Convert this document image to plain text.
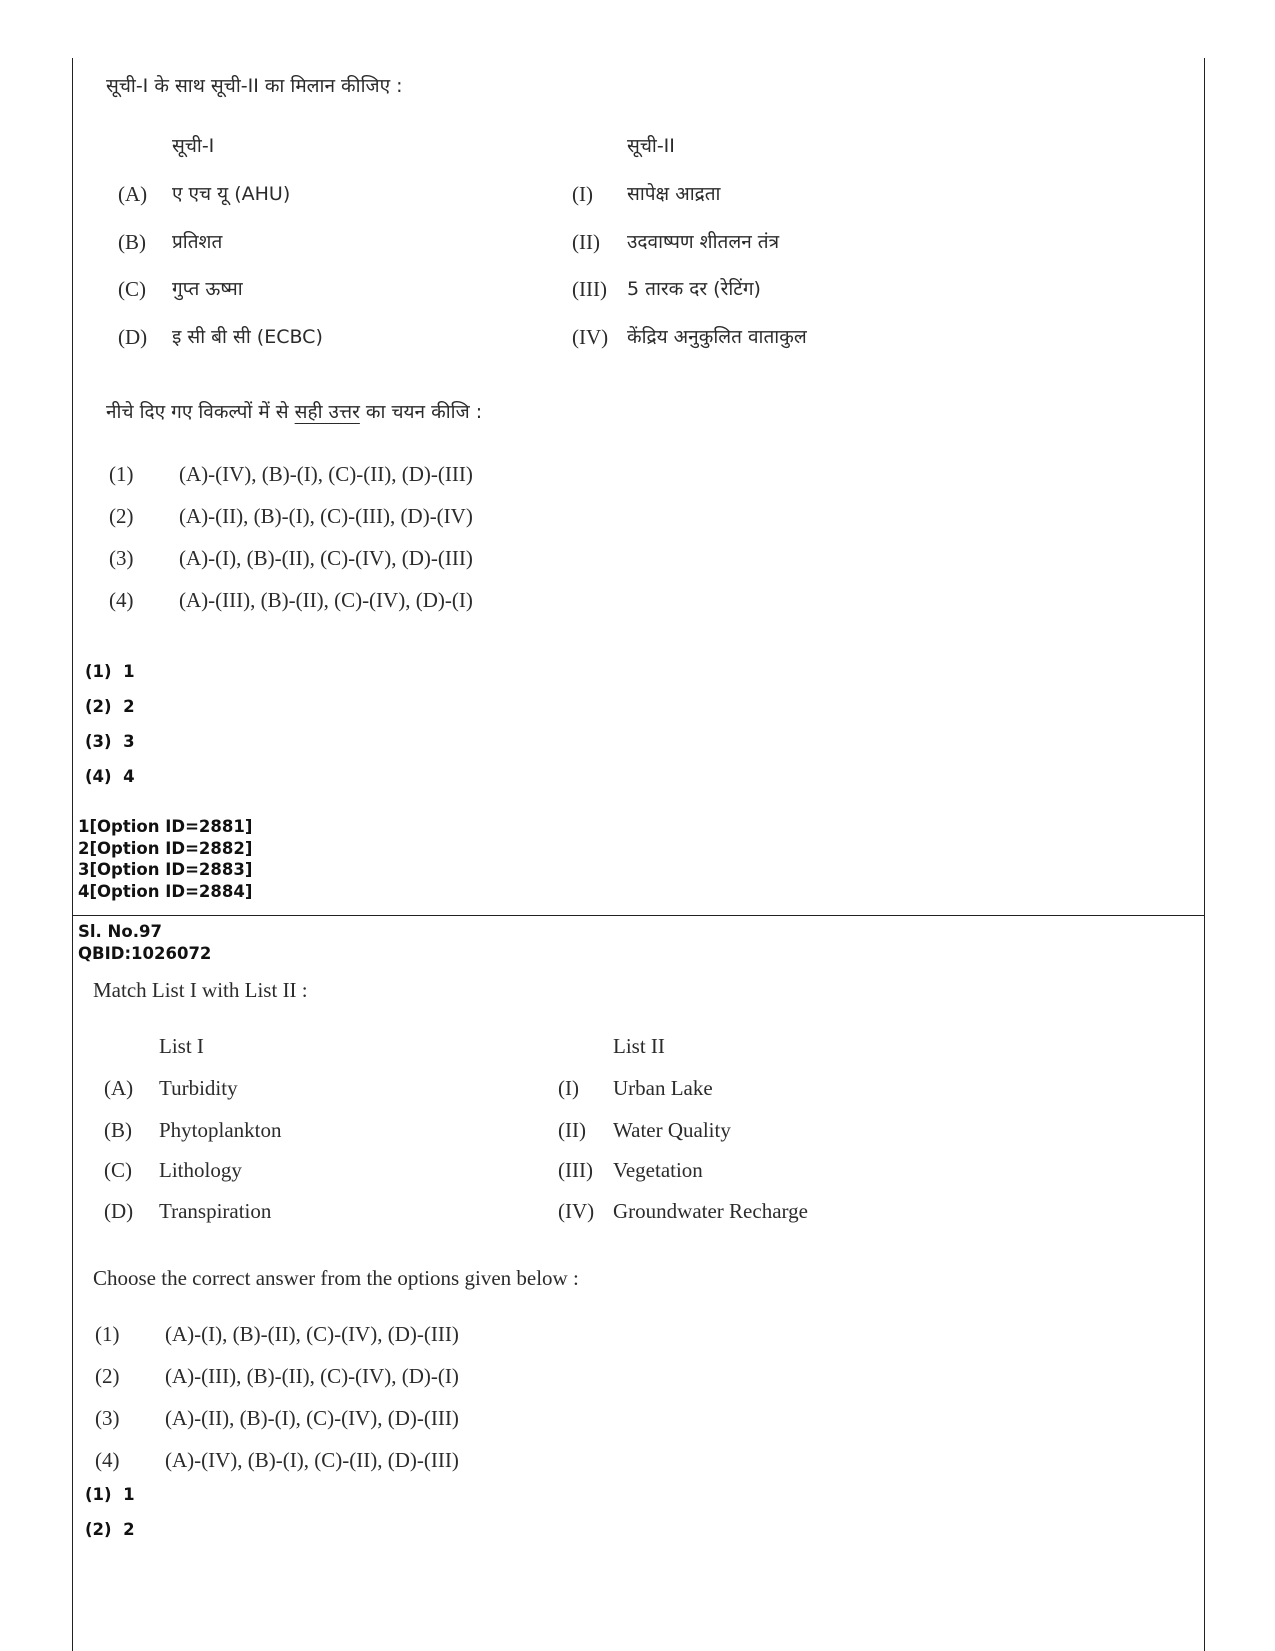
सूची-I के साथ सूची-II का मिलान कीजिए :
सूची-I	सूची-II
(A) ए एच यू (AHU)	(I) सापेक्ष आद्रता
(B) प्रतिशत	(II) उदवाष्पण शीतलन तंत्र
(C) गुप्त ऊष्मा	(III) 5 तारक दर (रेटिंग)
(D) इ सी बी सी (ECBC)	(IV) केंद्रिय अनुकुलित वाताकुल
नीचे दिए गए विकल्पों में से सही उत्तर का चयन कीजि :
(1) (A)-(IV), (B)-(I), (C)-(II), (D)-(III)
(2) (A)-(II), (B)-(I), (C)-(III), (D)-(IV)
(3) (A)-(I), (B)-(II), (C)-(IV), (D)-(III)
(4) (A)-(III), (B)-(II), (C)-(IV), (D)-(I)
(1) 1
(2) 2
(3) 3
(4) 4
1[Option ID=2881]
2[Option ID=2882]
3[Option ID=2883]
4[Option ID=2884]
Sl. No.97
QBID:1026072
Match List I with List II :
List I	List II
(A) Turbidity	(I) Urban Lake
(B) Phytoplankton	(II) Water Quality
(C) Lithology	(III) Vegetation
(D) Transpiration	(IV) Groundwater Recharge
Choose the correct answer from the options given below :
(1) (A)-(I), (B)-(II), (C)-(IV), (D)-(III)
(2) (A)-(III), (B)-(II), (C)-(IV), (D)-(I)
(3) (A)-(II), (B)-(I), (C)-(IV), (D)-(III)
(4) (A)-(IV), (B)-(I), (C)-(II), (D)-(III)
(1) 1
(2) 2
